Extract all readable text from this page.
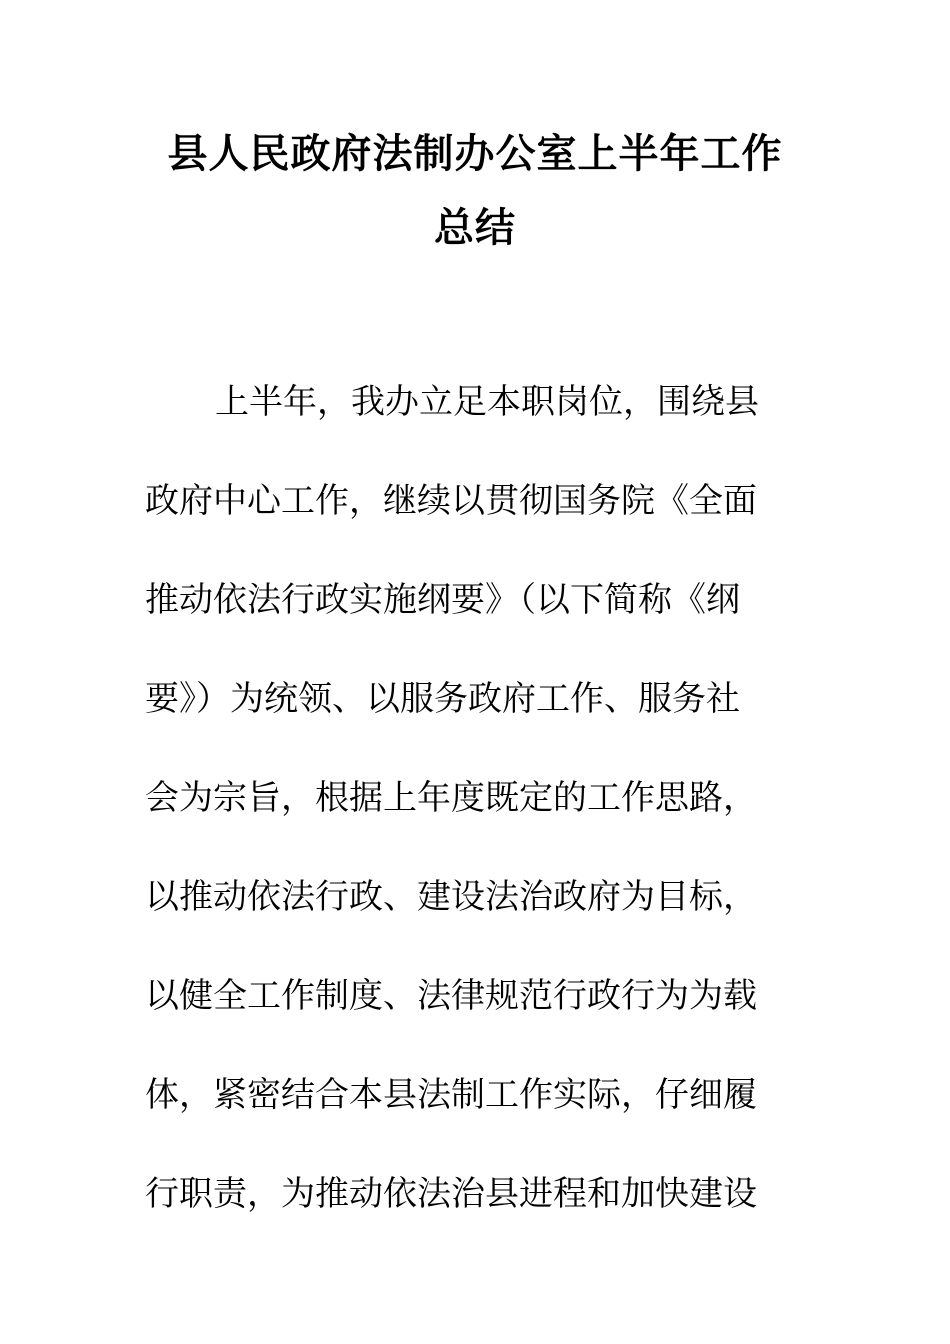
县人民政府法制办公室上半年工作
总结

上半年，我办立足本职岗位，围绕县

政府中心工作，继续以贯彻国务院《全面

推动依法行政实施纲要》（以下简称《纲

要》）为统领、以服务政府工作、服务社

会为宗旨，根据上年度既定的工作思路，

以推动依法行政、建设法治政府为目标，

以健全工作制度、法律规范行政行为为载

体，紧密结合本县法制工作实际，仔细履

行职责，为推动依法治县进程和加快建设
